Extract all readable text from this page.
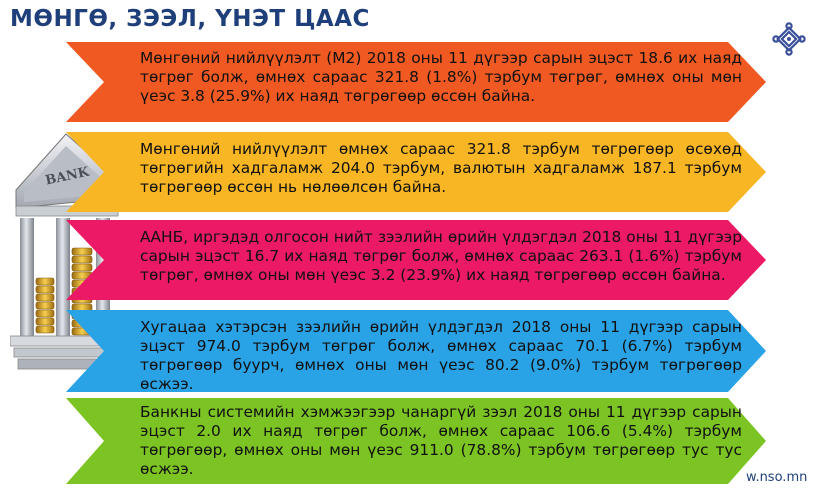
МӨНГӨ, ЗЭЭЛ, ҮНЭТ ЦААС
BANK
Мөнгөний нийлүүлэлт (М2) 2018 оны 11 дүгээр сарын эцэст 18.6 их наяд төгрөг болж, өмнөх сараас 321.8 (1.8%) тэрбум төгрөг, өмнөх оны мөн үеэс 3.8 (25.9%) их наяд төгрөгөөр өссөн байна.
Мөнгөний нийлүүлэлт өмнөх сараас 321.8 тэрбум төгрөгөөр өсөхөд төгрөгийн хадгаламж 204.0 тэрбум, валютын хадгаламж 187.1 тэрбум төгрөгөөр өссөн нь нөлөөлсөн байна.
ААНБ, иргэдэд олгосон нийт зээлийн өрийн үлдэгдэл 2018 оны 11 дүгээр сарын эцэст 16.7 их наяд төгрөг болж, өмнөх сараас 263.1 (1.6%) тэрбум төгрөг, өмнөх оны мөн үеэс 3.2 (23.9%) их наяд төгрөгөөр өссөн байна.
Хугацаа хэтэрсэн зээлийн өрийн үлдэгдэл 2018 оны 11 дүгээр сарын эцэст 974.0 тэрбум төгрөг болж, өмнөх сараас 70.1 (6.7%) тэрбум төгрөгөөр буурч, өмнөх оны мөн үеэс 80.2 (9.0%) тэрбум төгрөгөөр өсжээ.
Банкны системийн хэмжээгээр чанаргүй зээл 2018 оны 11 дүгээр сарын эцэст 2.0 их наяд төгрөг болж, өмнөх сараас 106.6 (5.4%) тэрбум төгрөгөөр, өмнөх оны мөн үеэс 911.0 (78.8%) тэрбум төгрөгөөр тус тус өсжээ.	w.nso.mn
